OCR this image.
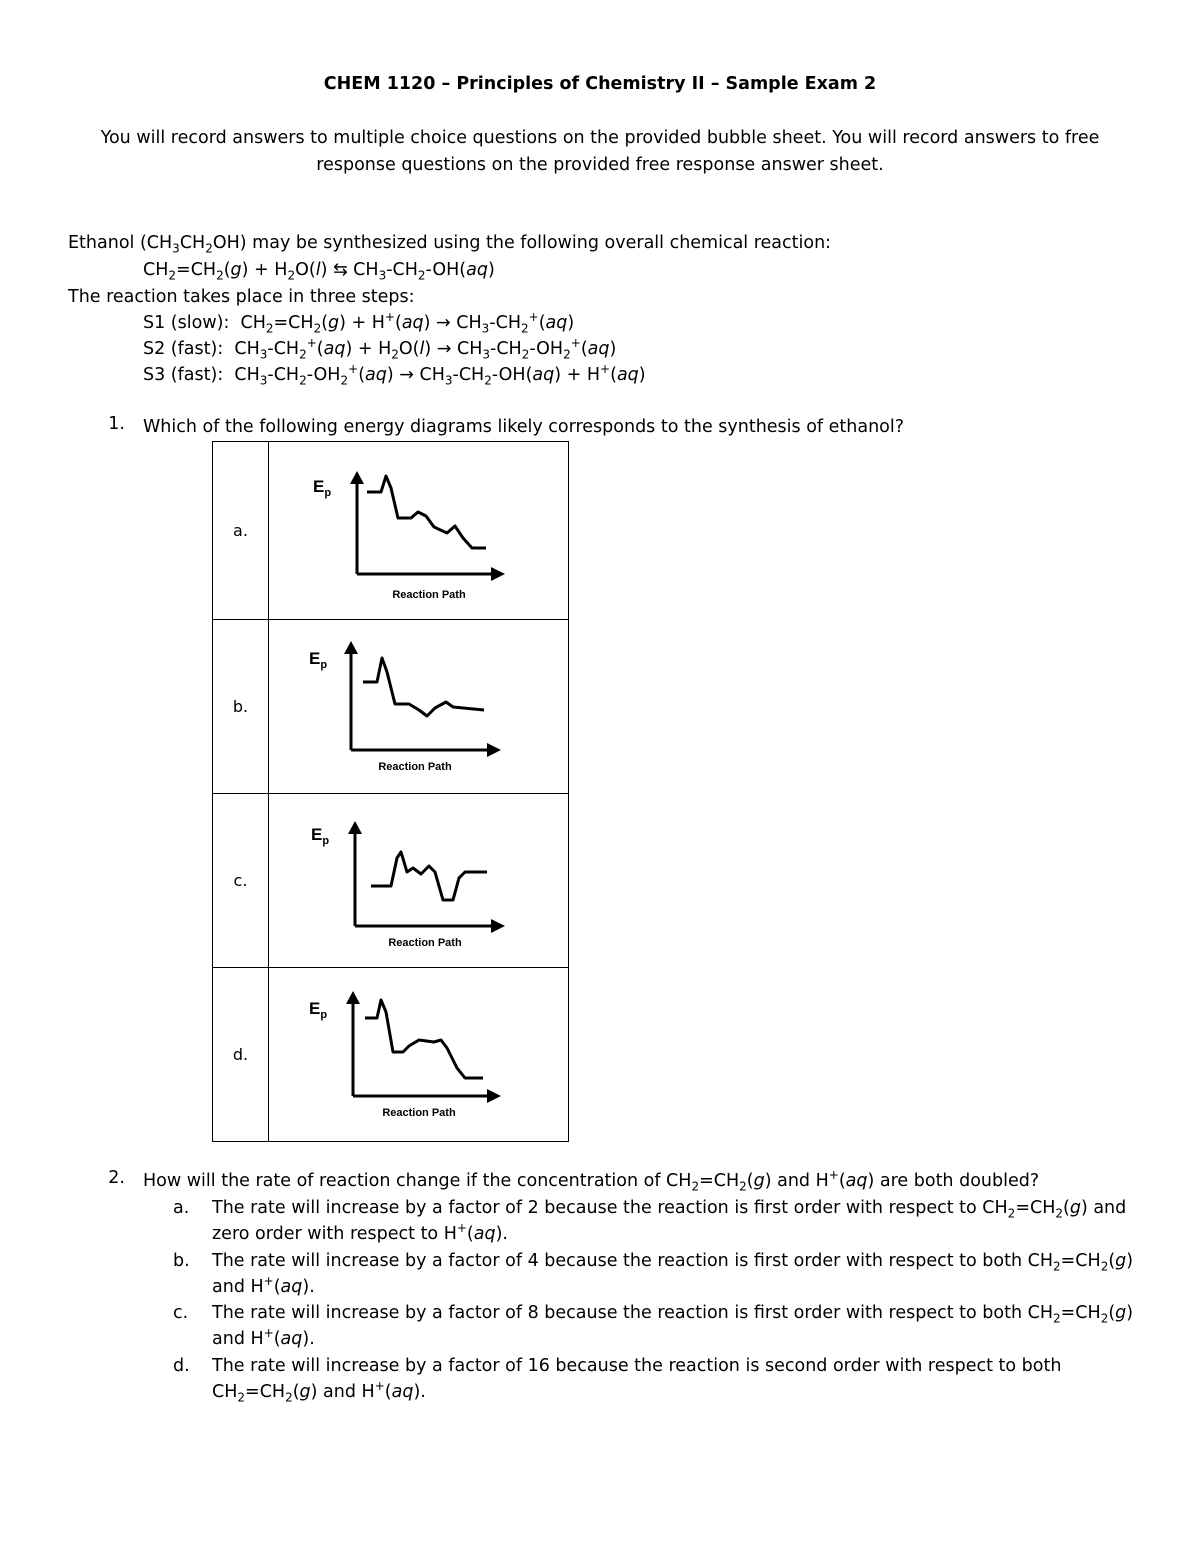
CHEM 1120 – Principles of Chemistry II – Sample Exam 2
You will record answers to multiple choice questions on the provided bubble sheet. You will record answers to free response questions on the provided free response answer sheet.
Ethanol $(CH_3CH_2OH)$ may be synthesized using the following overall chemical reaction:
$CH_2=CH_2(g) + H_2O(l)$ ⇆ $CH_3-CH_2-OH(aq)$
The reaction takes place in three steps:
S1 (slow):  $CH_2=CH_2(g) + H^+(aq) \to CH_3-CH_2^+(aq)$
S2 (fast):  $CH_3-CH_2^+(aq) + H_2O(l) \to CH_3-CH_2-OH_2^+(aq)$
S3 (fast):  $CH_3-CH_2-OH_2^+(aq) \to CH_3-CH_2-OH(aq) + H^+(aq)$
1. Which of the following energy diagrams likely corresponds to the synthesis of ethanol?
a.	$E_p$
Reaction Path

b.	$E_p$
Reaction Path

c.	$E_p$
Reaction Path

d.	$E_p$
Reaction Path
2. How will the rate of reaction change if the concentration of $CH_2=CH_2(g)$ and H+(aq) are both doubled?
a. The rate will increase by a factor of 2 because the reaction is first order with respect to $CH_2=CH_2(g)$ and
zero order with respect to H+(aq).
b. The rate will increase by a factor of 4 because the reaction is first order with respect to both $CH_2=CH_2(g)$
and H+(aq).
c. The rate will increase by a factor of 8 because the reaction is first order with respect to both $CH_2=CH_2(g)$
and H+(aq).
d. The rate will increase by a factor of 16 because the reaction is second order with respect to both
$CH_2=CH_2(g)$ and H+(aq).
